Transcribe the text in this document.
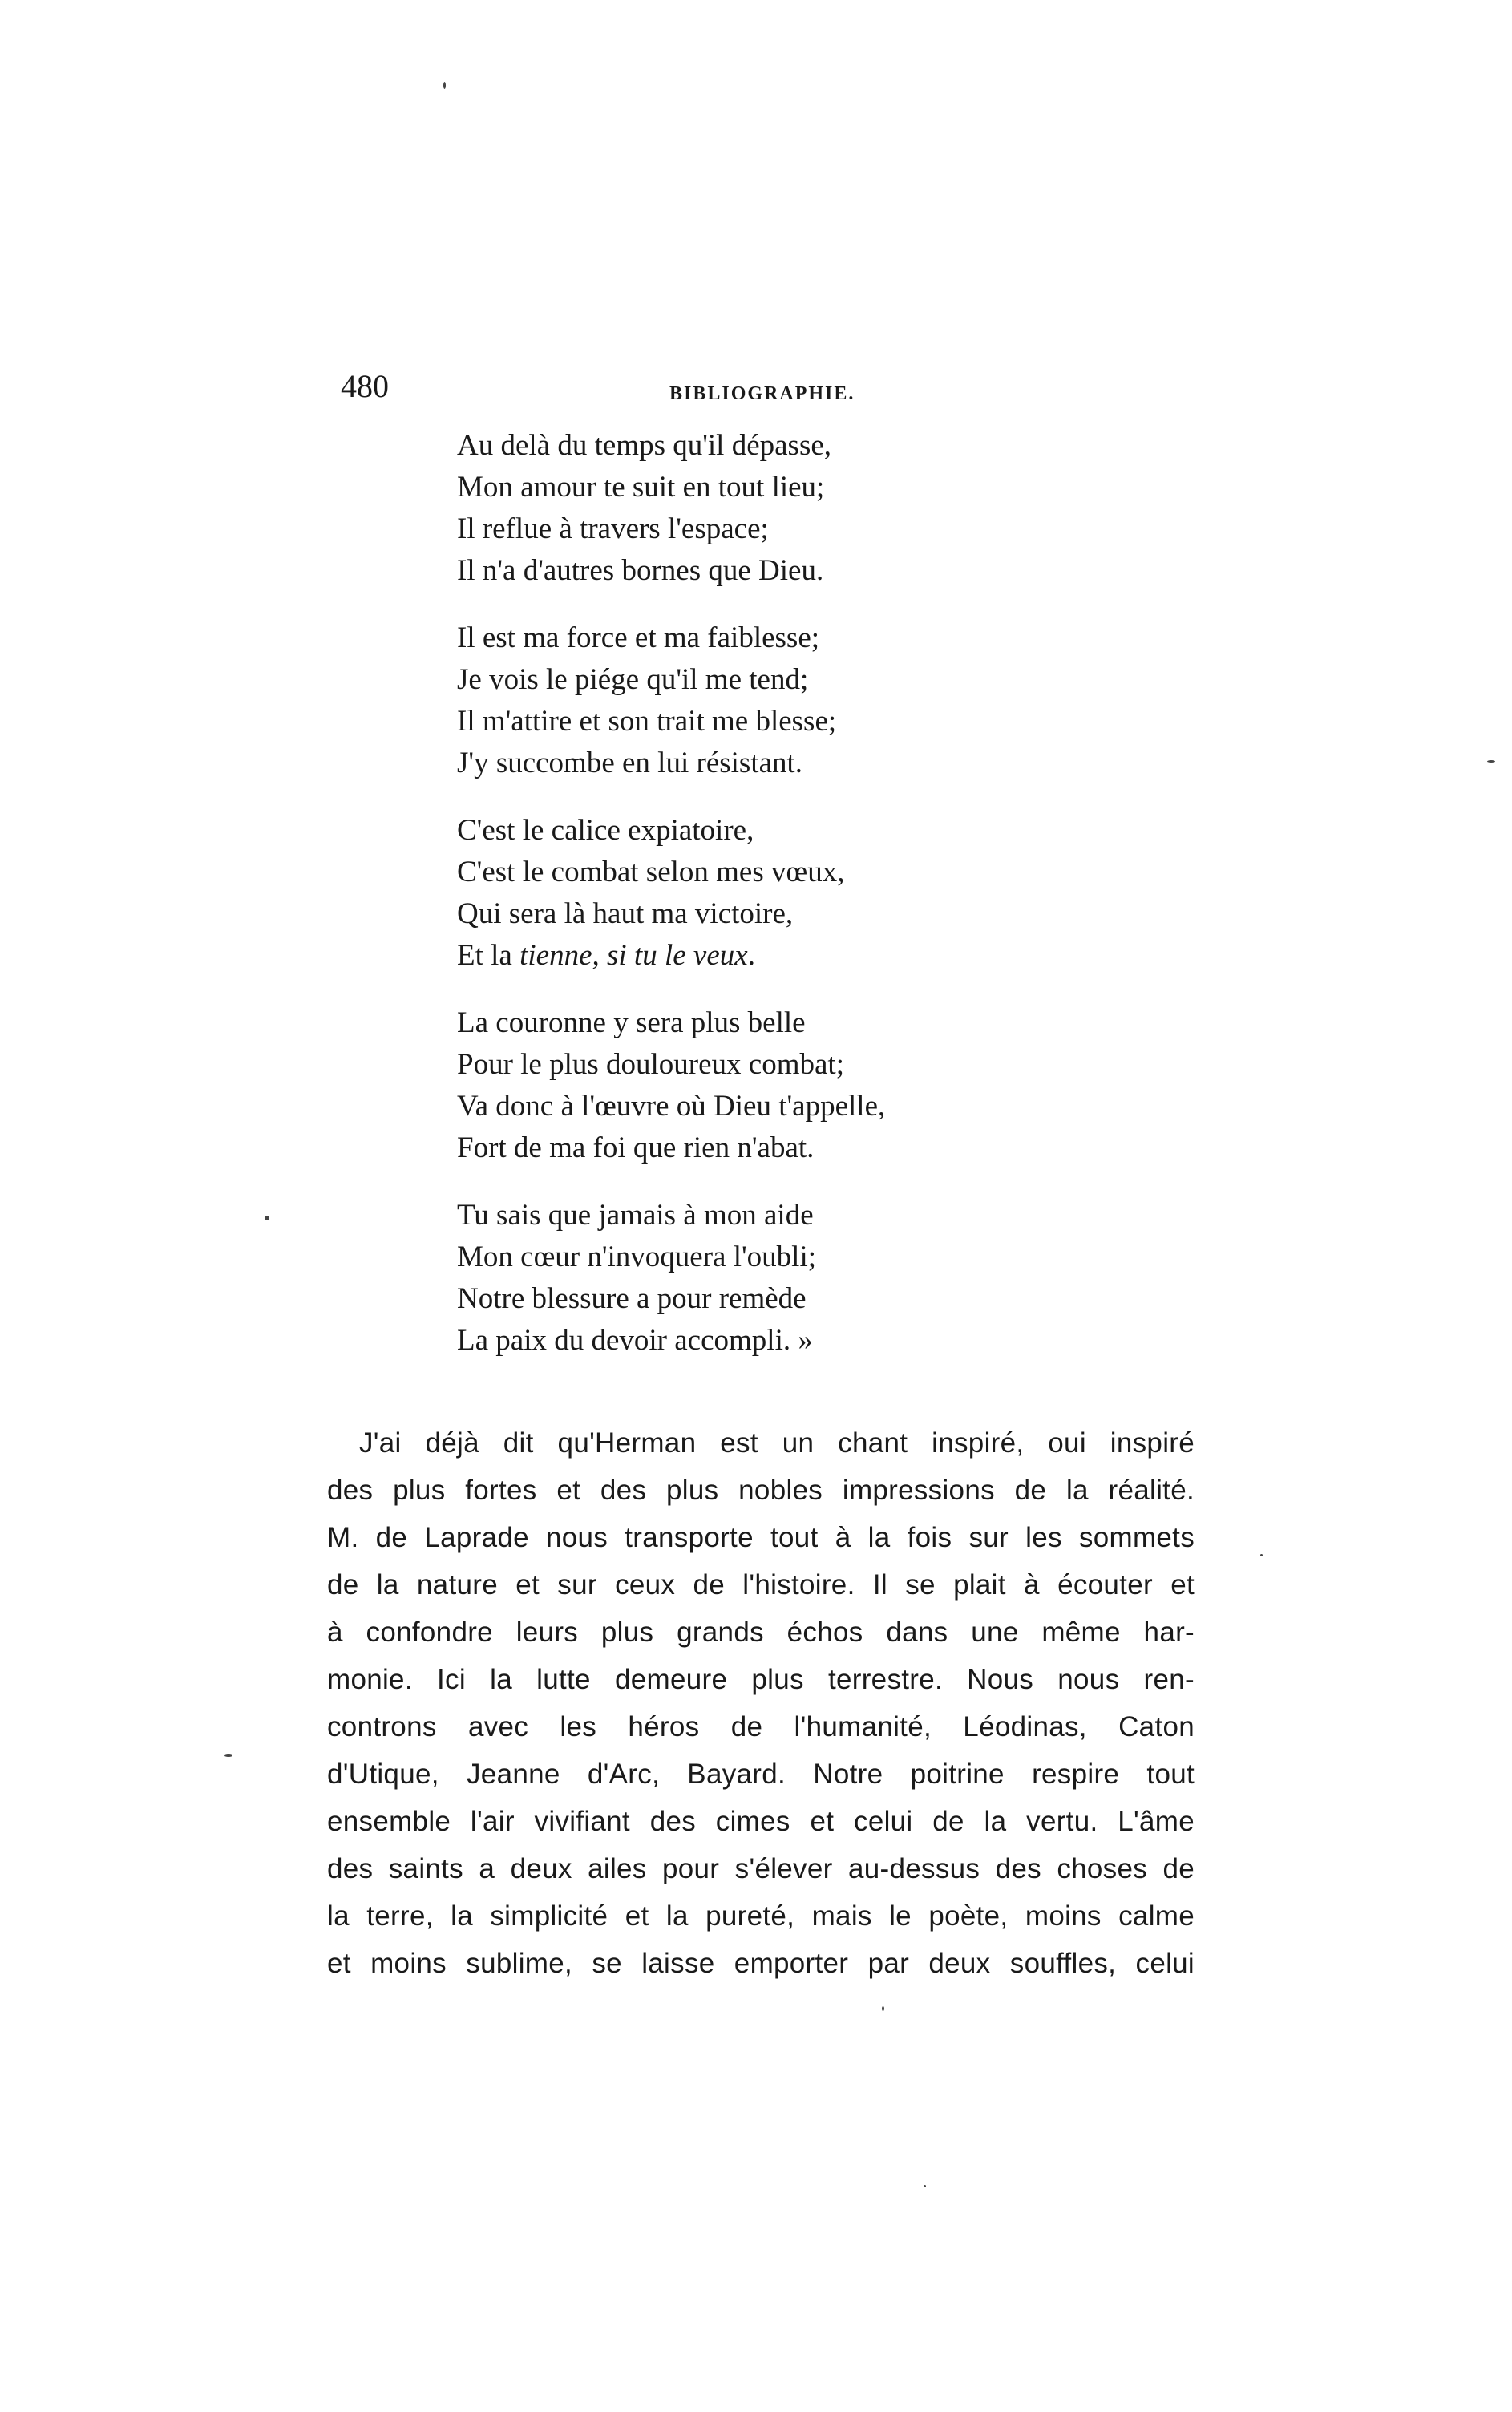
480	BIBLIOGRAPHIE.
Au delà du temps qu'il dépasse,
Mon amour te suit en tout lieu;
Il reflue à travers l'espace;
Il n'a d'autres bornes que Dieu.
Il est ma force et ma faiblesse;
Je vois le piége qu'il me tend;
Il m'attire et son trait me blesse;
J'y succombe en lui résistant.
C'est le calice expiatoire,
C'est le combat selon mes vœux,
Qui sera là haut ma victoire,
Et la tienne, si tu le veux.
La couronne y sera plus belle
Pour le plus douloureux combat;
Va donc à l'œuvre où Dieu t'appelle,
Fort de ma foi que rien n'abat.
Tu sais que jamais à mon aide
Mon cœur n'invoquera l'oubli;
Notre blessure a pour remède
La paix du devoir accompli. »
J'ai déjà dit qu'Herman est un chant inspiré, oui inspiré
des plus fortes et des plus nobles impressions de la réalité.
M. de Laprade nous transporte tout à la fois sur les sommets
de la nature et sur ceux de l'histoire. Il se plait à écouter et
à confondre leurs plus grands échos dans une même har-
monie. Ici la lutte demeure plus terrestre. Nous nous ren-
controns avec les héros de l'humanité, Léodinas, Caton
d'Utique, Jeanne d'Arc, Bayard. Notre poitrine respire tout
ensemble l'air vivifiant des cimes et celui de la vertu. L'âme
des saints a deux ailes pour s'élever au-dessus des choses de
la terre, la simplicité et la pureté, mais le poète, moins calme
et moins sublime, se laisse emporter par deux souffles, celui
